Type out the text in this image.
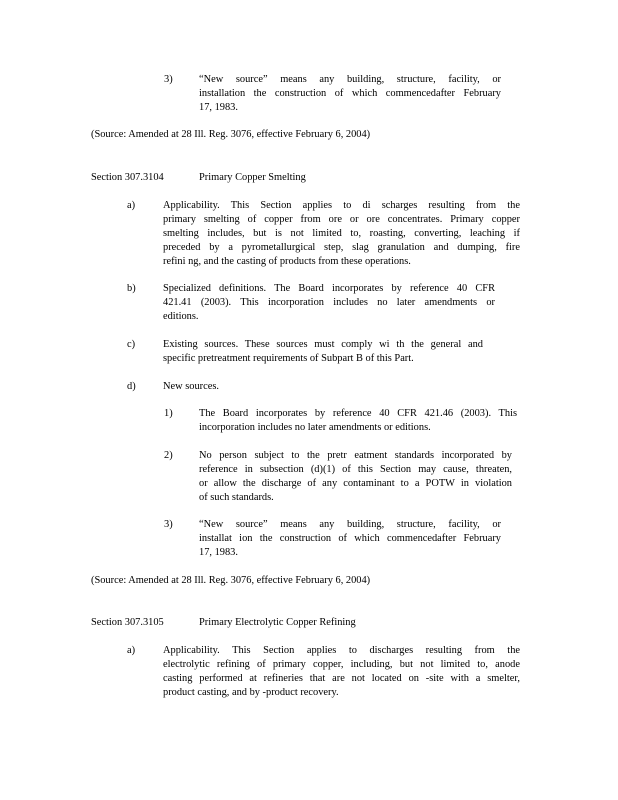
3)	“New source” means any building, structure, facility, or
installation the construction of which commencedafter February
17, 1983.
(Source: Amended at 28 Ill. Reg. 3076, effective February 6, 2004)
Section 307.3104	Primary Copper Smelting
a)	Applicability. This Section applies to di scharges resulting from the
primary smelting of copper from ore or ore concentrates. Primary copper
smelting includes, but is not limited to, roasting, converting, leaching if
preceded by a pyrometallurgical step, slag granulation and dumping, fire
refini ng, and the casting of products from these operations.
b)	Specialized definitions. The Board incorporates by reference 40 CFR
421.41 (2003). This incorporation includes no later amendments or
editions.
c)	Existing sources. These sources must comply wi th the general and
specific pretreatment requirements of Subpart B of this Part.
d)	New sources.
1)	The Board incorporates by reference 40 CFR 421.46 (2003). This
incorporation includes no later amendments or editions.
2)	No person subject to the pretr eatment standards incorporated by
reference in subsection (d)(1) of this Section may cause, threaten,
or allow the discharge of any contaminant to a POTW in violation
of such standards.
3)	“New source” means any building, structure, facility, or
installat ion the construction of which commencedafter February
17, 1983.
(Source: Amended at 28 Ill. Reg. 3076, effective February 6, 2004)
Section 307.3105	Primary Electrolytic Copper Refining
a)	Applicability. This Section applies to discharges resulting from the
electrolytic refining of primary copper, including, but not limited to, anode
casting performed at refineries that are not located on -site with a smelter,
product casting, and by -product recovery.
